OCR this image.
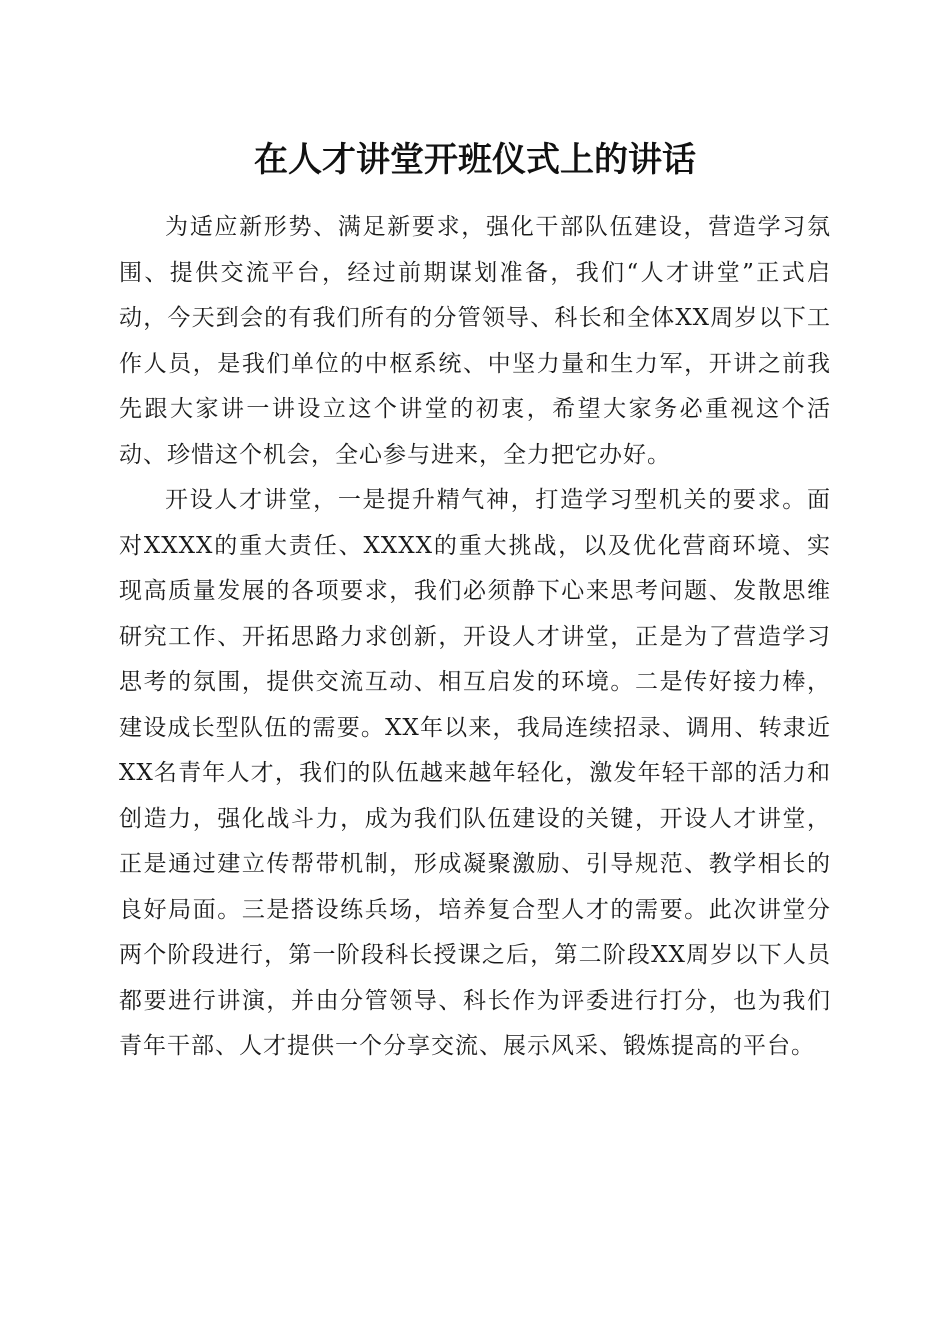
在人才讲堂开班仪式上的讲话

为适应新形势、满足新要求，强化干部队伍建设，营造学习氛围、提供交流平台，经过前期谋划准备，我们“人才讲堂”正式启动，今天到会的有我们所有的分管领导、科长和全体XX周岁以下工作人员，是我们单位的中枢系统、中坚力量和生力军，开讲之前我先跟大家讲一讲设立这个讲堂的初衷，希望大家务必重视这个活动、珍惜这个机会，全心参与进来，全力把它办好。

开设人才讲堂，一是提升精气神，打造学习型机关的要求。面对XXXX的重大责任、XXXX的重大挑战，以及优化营商环境、实现高质量发展的各项要求，我们必须静下心来思考问题、发散思维研究工作、开拓思路力求创新，开设人才讲堂，正是为了营造学习思考的氛围，提供交流互动、相互启发的环境。二是传好接力棒，建设成长型队伍的需要。XX年以来，我局连续招录、调用、转隶近XX名青年人才，我们的队伍越来越年轻化，激发年轻干部的活力和创造力，强化战斗力，成为我们队伍建设的关键，开设人才讲堂，正是通过建立传帮带机制，形成凝聚激励、引导规范、教学相长的良好局面。三是搭设练兵场，培养复合型人才的需要。此次讲堂分两个阶段进行，第一阶段科长授课之后，第二阶段XX周岁以下人员都要进行讲演，并由分管领导、科长作为评委进行打分，也为我们青年干部、人才提供一个分享交流、展示风采、锻炼提高的平台。
